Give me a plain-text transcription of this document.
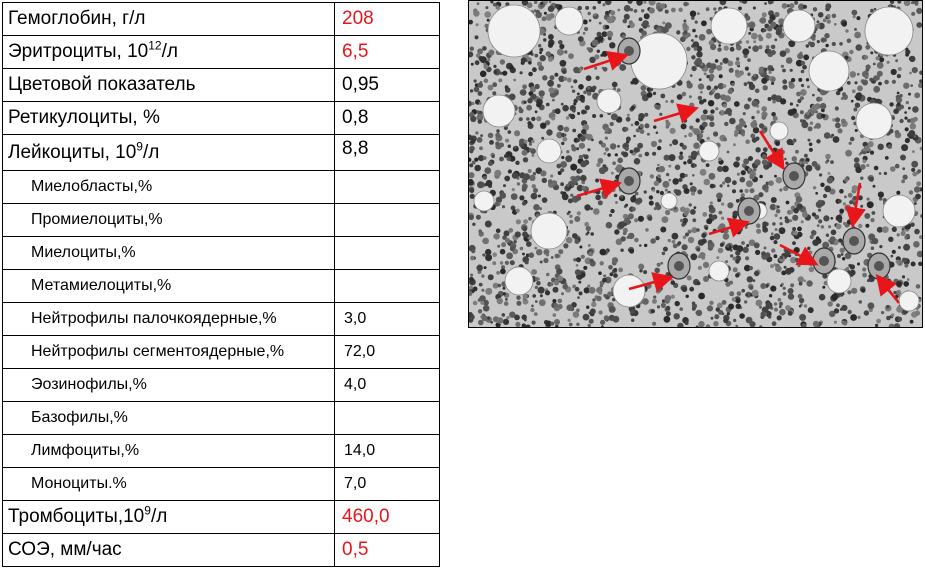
Гемоглобин, г/л	208
Эритроциты, $10^{12}/л$	6,5
Цветовой показатель	0,95
Ретикулоциты, %	0,8
Лейкоциты, $10^9/л$	8,8
Миелобласты,%	
Промиелоциты,%	
Миелоциты,%	
Метамиелоциты,%	
Нейтрофилы палочкоядерные,%	3,0
Нейтрофилы сегментоядерные,%	72,0
Эозинофилы,%	4,0
Базофилы,%	
Лимфоциты,%	14,0
Моноциты.%	7,0
$Тромбоциты,10^9/л$	460,0
СОЭ, мм/час	0,5
